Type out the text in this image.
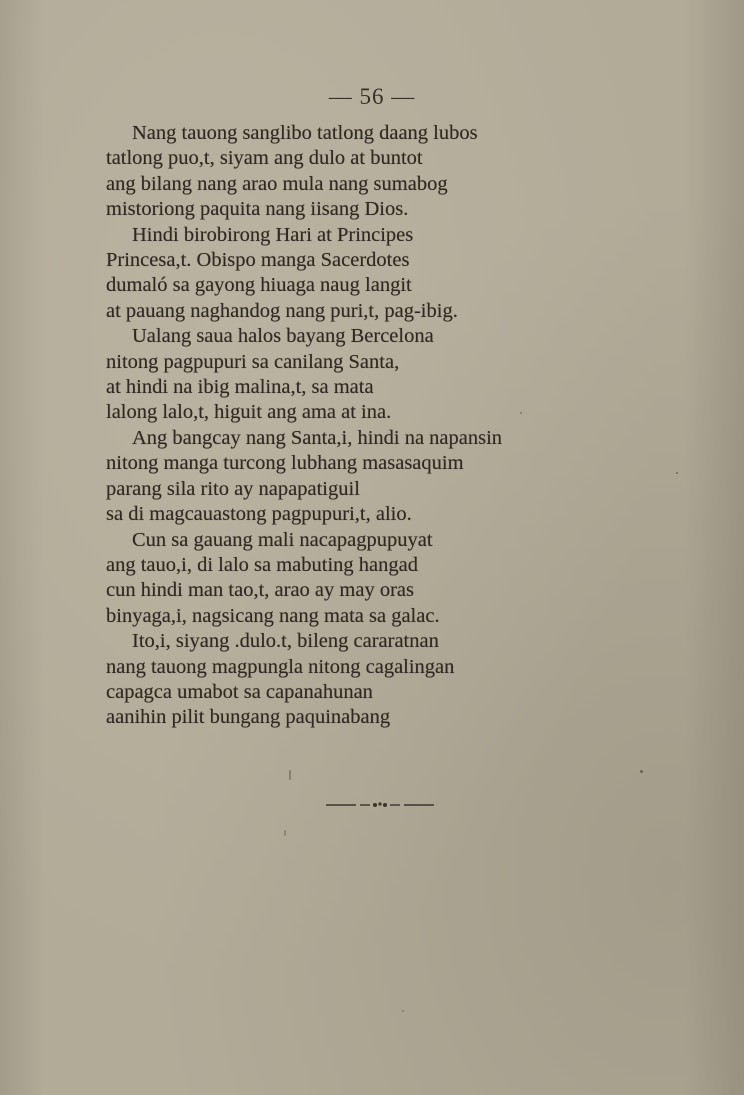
— 56 —
Nang tauong sanglibo tatlong daang lubos
tatlong puo,t, siyam ang dulo at buntot
ang bilang nang arao mula nang sumabog
mistoriong paquita nang iisang Dios.
Hindi birobirong Hari at Principes
Princesa,t. Obispo manga Sacerdotes
dumaló sa gayong hiuaga naug langit
at pauang naghandog nang puri,t, pag-ibig.
Ualang saua halos bayang Bercelona
nitong pagpupuri sa canilang Santa,
at hindi na ibig malina,t, sa mata
lalong lalo,t, higuit ang ama at ina.
Ang bangcay nang Santa,i, hindi na napansin
nitong manga turcong lubhang masasaquim
parang sila rito ay napapatiguil
sa di magcauastong pagpupuri,t, alio.
Cun sa gauang mali nacapagpupuyat
ang tauo,i, di lalo sa mabuting hangad
cun hindi man tao,t, arao ay may oras
binyaga,i, nagsicang nang mata sa galac.
Ito,i, siyang .dulo.t, bileng cararatnan
nang tauong magpungla nitong cagalingan
capagca umabot sa capanahunan
aanihin pilit bungang paquinabang
